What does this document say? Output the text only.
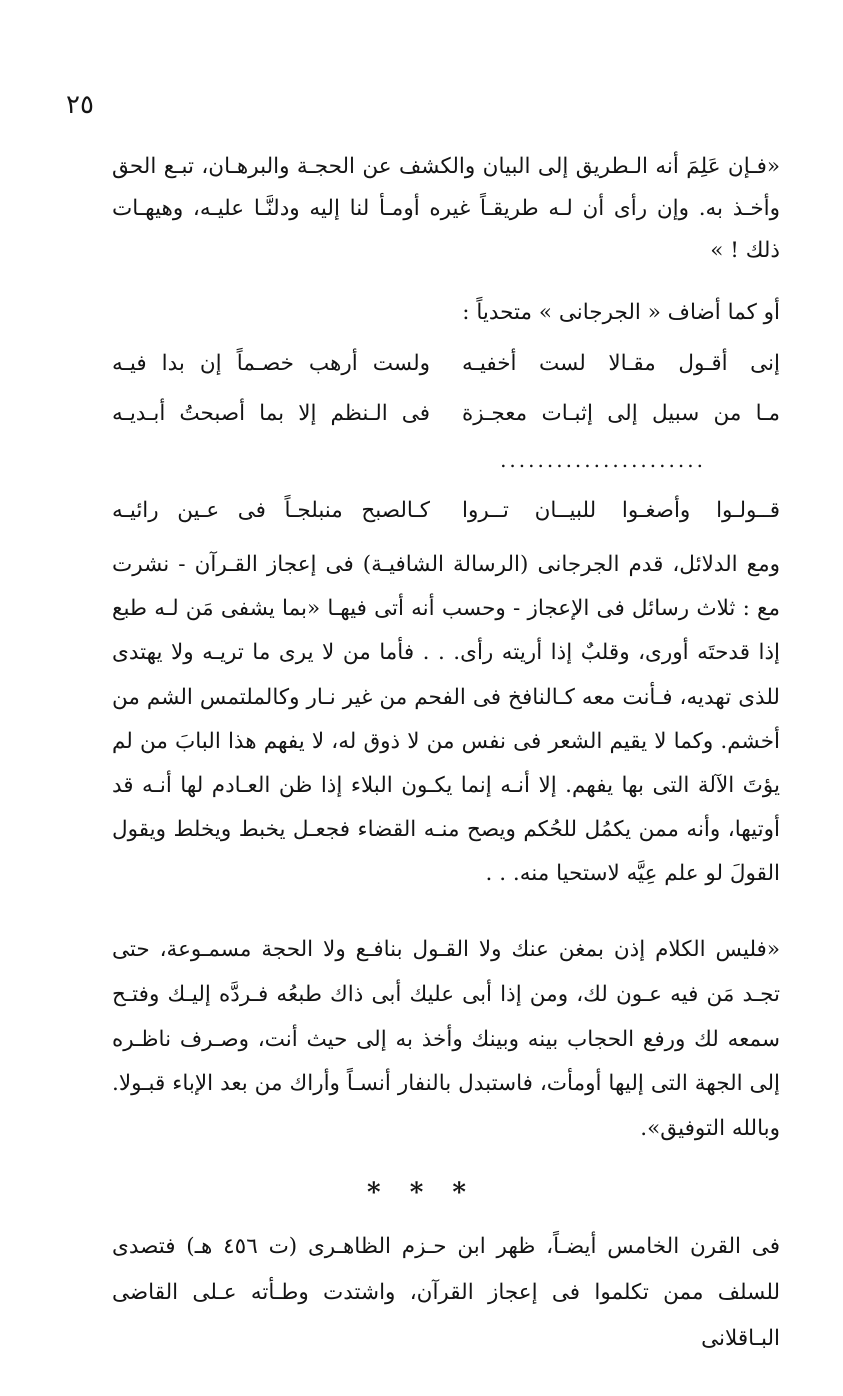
٢٥
«فـإن عَلِمَ أنه الـطريق إلى البيان والكشف عن الحجـة والبرهـان، تبـع الحق وأخـذ به. وإن رأى أن لـه طريقـاً غيره أومـأ لنا إليه ودلنَّـا عليـه، وهيهـات ذلك ! »
أو كما أضاف « الجرجانى » متحدياً :
إنى أقـول مقـالا لست أخفيـه
ولست أرهب خصـماً إن بدا فيـه
مـا من سبيل إلى إثبـات معجـزة
فى الـنظم إلا بما أصبحتُ أبـديـه
......................
قــولـوا وأصغـوا للبيــان تــروا
كـالصبح منبلجـاً فى عـين رائيـه
ومع الدلائل، قدم الجرجانى (الرسالة الشافيـة) فى إعجاز القـرآن - نشرت مع : ثلاث رسائل فى الإعجاز - وحسب أنه أتى فيهـا «بما يشفى مَن لـه طبع إذا قدحتَه أورى، وقلبٌ إذا أريته رأى. . . فأما من لا يرى ما تريـه ولا يهتدى للذى تهديه، فـأنت معه كـالنافخ فى الفحم من غير نـار وكالملتمس الشم من أخشم. وكما لا يقيم الشعر فى نفس من لا ذوق له، لا يفهم هذا البابَ من لم يؤتَ الآلة التى بها يفهم. إلا أنـه إنما يكـون البلاء إذا ظن العـادم لها أنـه قد أوتيها، وأنه ممن يكمُل للحُكم ويصح منـه القضاء فجعـل يخبط ويخلط ويقول القولَ لو علم عِيَّه لاستحيا منه. . .
«فليس الكلام إذن بمغن عنك ولا القـول بنافـع ولا الحجة مسمـوعة، حتى تجـد مَن فيه عـون لك، ومن إذا أبى عليك أبى ذاك طبعُه فـردَّه إليـك وفتـح سمعه لك ورفع الحجاب بينه وبينك وأخذ به إلى حيث أنت، وصـرف ناظـره إلى الجهة التى إليها أومأت، فاستبدل بالنفار أنسـاً وأراك من بعد الإباء قبـولا. وبالله التوفيق».
* * *
فى القرن الخامس أيضـاً، ظهر ابن حـزم الظاهـرى (ت ٤٥٦ هـ) فتصدى للسلف ممن تكلموا فى إعجاز القرآن، واشتدت وطـأته عـلى القاضى البـاقلانى
